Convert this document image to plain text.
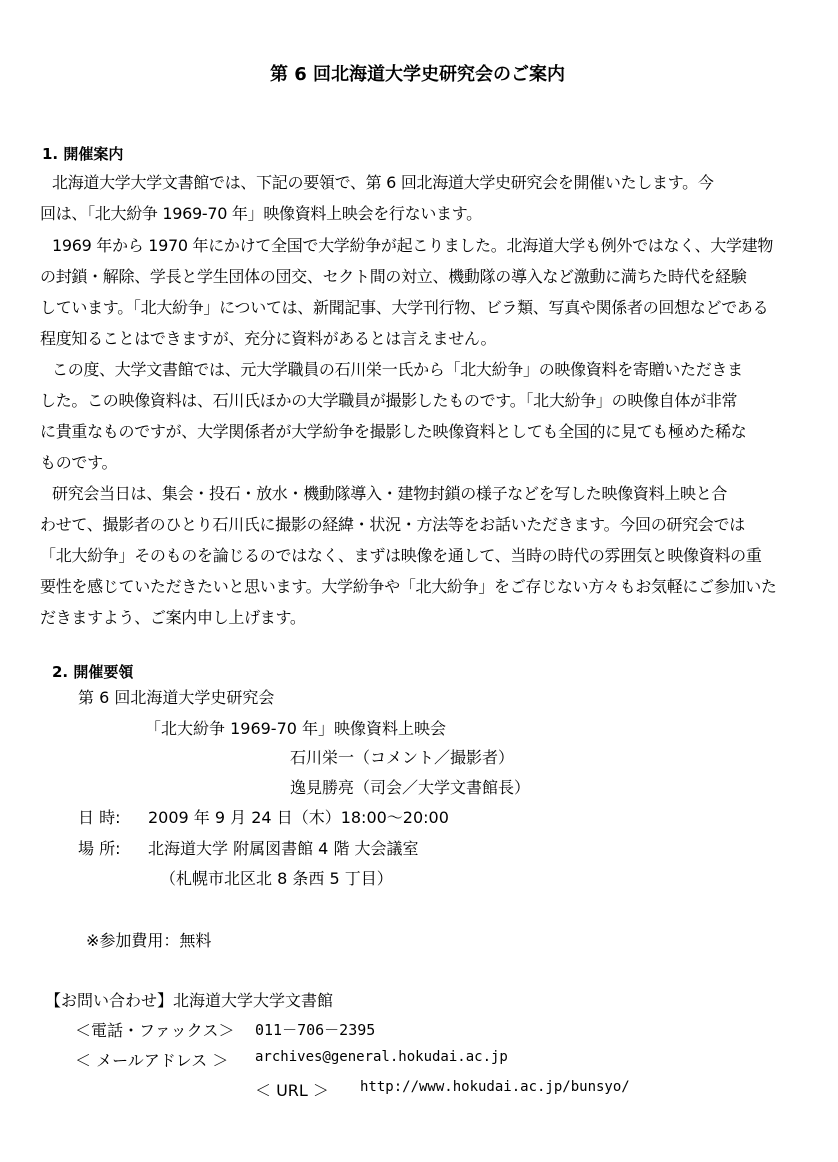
第 6 回北海道大学史研究会のご案内
1. 開催案内
北海道大学大学文書館では、下記の要領で、第 6 回北海道大学史研究会を開催いたします。今
回は、「北大紛争 1969-70 年」映像資料上映会を行ないます。
1969 年から 1970 年にかけて全国で大学紛争が起こりました。北海道大学も例外ではなく、大学建物
の封鎖・解除、学長と学生団体の団交、セクト間の対立、機動隊の導入など激動に満ちた時代を経験
しています。「北大紛争」については、新聞記事、大学刊行物、ビラ類、写真や関係者の回想などである
程度知ることはできますが、充分に資料があるとは言えません。
この度、大学文書館では、元大学職員の石川栄一氏から「北大紛争」の映像資料を寄贈いただきま
した。この映像資料は、石川氏ほかの大学職員が撮影したものです。「北大紛争」の映像自体が非常
に貴重なものですが、大学関係者が大学紛争を撮影した映像資料としても全国的に見ても極めた稀な
ものです。
研究会当日は、集会・投石・放水・機動隊導入・建物封鎖の様子などを写した映像資料上映と合
わせて、撮影者のひとり石川氏に撮影の経緯・状況・方法等をお話いただきます。今回の研究会では
「北大紛争」そのものを論じるのではなく、まずは映像を通して、当時の時代の雰囲気と映像資料の重
要性を感じていただきたいと思います。大学紛争や「北大紛争」をご存じない方々もお気軽にご参加いた
だきますよう、ご案内申し上げます。
2. 開催要領
第 6 回北海道大学史研究会
「北大紛争 1969-70 年」映像資料上映会
石川栄一（コメント／撮影者）
逸見勝亮（司会／大学文書館長）
日 時: 2009 年 9 月 24 日（木）18:00～20:00
場 所: 北海道大学 附属図書館 4 階 大会議室
（札幌市北区北 8 条西 5 丁目）
※参加費用：無料
【お問い合わせ】北海道大学大学文書館
＜電話・ファックス＞ 011－706－2395
＜ メールアドレス ＞ archives@general.hokudai.ac.jp
＜ URL ＞ http://www.hokudai.ac.jp/bunsyo/
